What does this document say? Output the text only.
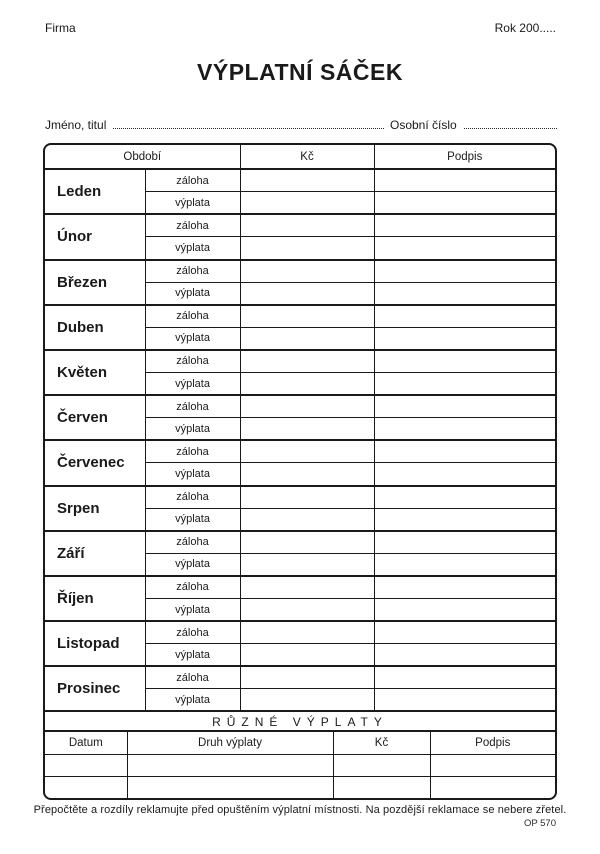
Firma	Rok 200.....
VÝPLATNÍ SÁČEK
Jméno, titul	Osobní číslo
Období		Kč	Podpis
Leden	záloha		
	výplata		
Únor	záloha		
	výplata		
Březen	záloha		
	výplata		
Duben	záloha		
	výplata		
Květen	záloha		
	výplata		
Červen	záloha		
	výplata		
Červenec	záloha		
	výplata		
Srpen	záloha		
	výplata		
Září	záloha		
	výplata		
Říjen	záloha		
	výplata		
Listopad	záloha		
	výplata		
Prosinec	záloha		
	výplata		
RŮZNÉ VÝPLATY
Datum	Druh výplaty	Kč	Podpis

Přepočtěte a rozdíly reklamujte před opuštěním výplatní místnosti. Na pozdější reklamace se nebere zřetel.
OP 570
